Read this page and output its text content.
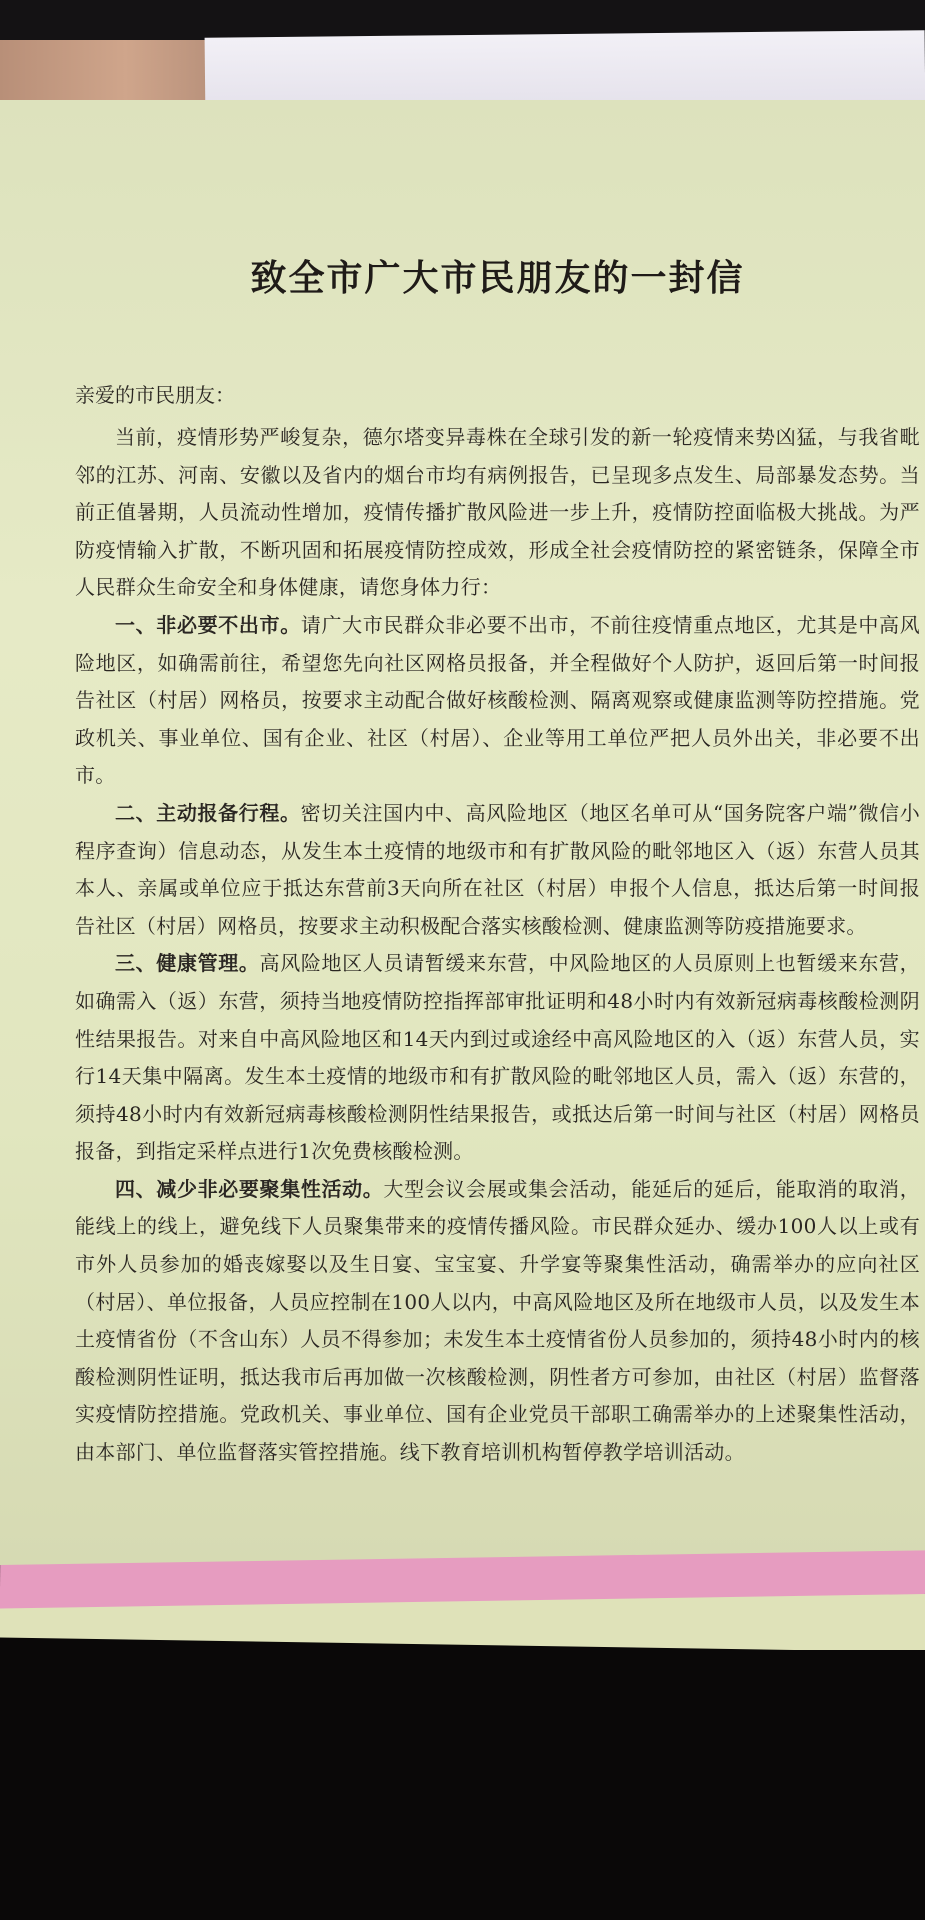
致全市广大市民朋友的一封信

亲爱的市民朋友：

当前，疫情形势严峻复杂，德尔塔变异毒株在全球引发的新一轮疫情来势凶猛，与我省毗邻的江苏、河南、安徽以及省内的烟台市均有病例报告，已呈现多点发生、局部暴发态势。当前正值暑期，人员流动性增加，疫情传播扩散风险进一步上升，疫情防控面临极大挑战。为严防疫情输入扩散，不断巩固和拓展疫情防控成效，形成全社会疫情防控的紧密链条，保障全市人民群众生命安全和身体健康，请您身体力行：

一、非必要不出市。请广大市民群众非必要不出市，不前往疫情重点地区，尤其是中高风险地区，如确需前往，希望您先向社区网格员报备，并全程做好个人防护，返回后第一时间报告社区（村居）网格员，按要求主动配合做好核酸检测、隔离观察或健康监测等防控措施。党政机关、事业单位、国有企业、社区（村居）、企业等用工单位严把人员外出关，非必要不出市。

二、主动报备行程。密切关注国内中、高风险地区（地区名单可从“国务院客户端”微信小程序查询）信息动态，从发生本土疫情的地级市和有扩散风险的毗邻地区入（返）东营人员其本人、亲属或单位应于抵达东营前3天向所在社区（村居）申报个人信息，抵达后第一时间报告社区（村居）网格员，按要求主动积极配合落实核酸检测、健康监测等防疫措施要求。

三、健康管理。高风险地区人员请暂缓来东营，中风险地区的人员原则上也暂缓来东营，如确需入（返）东营，须持当地疫情防控指挥部审批证明和48小时内有效新冠病毒核酸检测阴性结果报告。对来自中高风险地区和14天内到过或途经中高风险地区的入（返）东营人员，实行14天集中隔离。发生本土疫情的地级市和有扩散风险的毗邻地区人员，需入（返）东营的，须持48小时内有效新冠病毒核酸检测阴性结果报告，或抵达后第一时间与社区（村居）网格员报备，到指定采样点进行1次免费核酸检测。

四、减少非必要聚集性活动。大型会议会展或集会活动，能延后的延后，能取消的取消，能线上的线上，避免线下人员聚集带来的疫情传播风险。市民群众延办、缓办100人以上或有市外人员参加的婚丧嫁娶以及生日宴、宝宝宴、升学宴等聚集性活动，确需举办的应向社区（村居）、单位报备，人员应控制在100人以内，中高风险地区及所在地级市人员，以及发生本土疫情省份（不含山东）人员不得参加；未发生本土疫情省份人员参加的，须持48小时内的核酸检测阴性证明，抵达我市后再加做一次核酸检测，阴性者方可参加，由社区（村居）监督落实疫情防控措施。党政机关、事业单位、国有企业党员干部职工确需举办的上述聚集性活动，由本部门、单位监督落实管控措施。线下教育培训机构暂停教学培训活动。
